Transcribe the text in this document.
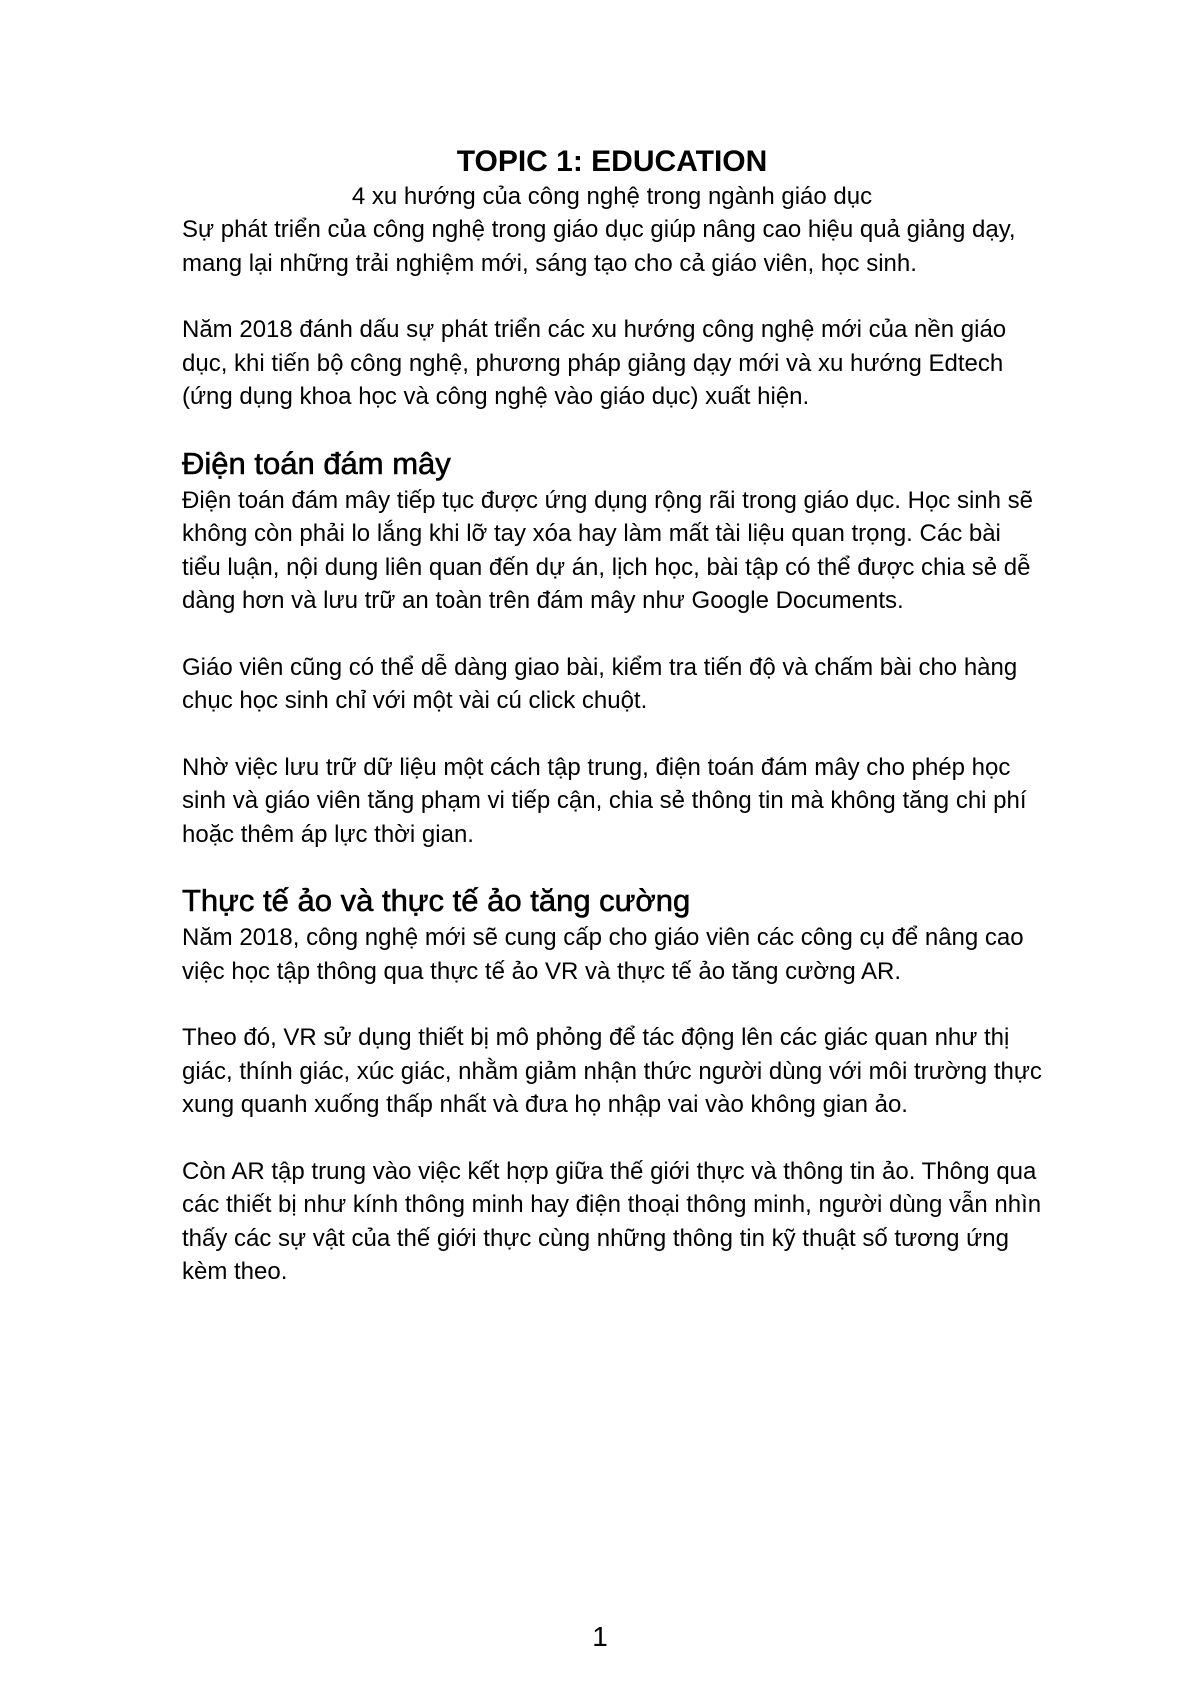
TOPIC 1: EDUCATION
4 xu hướng của công nghệ trong ngành giáo dục

Sự phát triển của công nghệ trong giáo dục giúp nâng cao hiệu quả giảng dạy, mang lại những trải nghiệm mới, sáng tạo cho cả giáo viên, học sinh.

Năm 2018 đánh dấu sự phát triển các xu hướng công nghệ mới của nền giáo dục, khi tiến bộ công nghệ, phương pháp giảng dạy mới và xu hướng Edtech (ứng dụng khoa học và công nghệ vào giáo dục) xuất hiện.

Điện toán đám mây

Điện toán đám mây tiếp tục được ứng dụng rộng rãi trong giáo dục. Học sinh sẽ không còn phải lo lắng khi lỡ tay xóa hay làm mất tài liệu quan trọng. Các bài tiểu luận, nội dung liên quan đến dự án, lịch học, bài tập có thể được chia sẻ dễ dàng hơn và lưu trữ an toàn trên đám mây như Google Documents.

Giáo viên cũng có thể dễ dàng giao bài, kiểm tra tiến độ và chấm bài cho hàng chục học sinh chỉ với một vài cú click chuột.

Nhờ việc lưu trữ dữ liệu một cách tập trung, điện toán đám mây cho phép học sinh và giáo viên tăng phạm vi tiếp cận, chia sẻ thông tin mà không tăng chi phí hoặc thêm áp lực thời gian.

Thực tế ảo và thực tế ảo tăng cường

Năm 2018, công nghệ mới sẽ cung cấp cho giáo viên các công cụ để nâng cao việc học tập thông qua thực tế ảo VR và thực tế ảo tăng cường AR.

Theo đó, VR sử dụng thiết bị mô phỏng để tác động lên các giác quan như thị giác, thính giác, xúc giác, nhằm giảm nhận thức người dùng với môi trường thực xung quanh xuống thấp nhất và đưa họ nhập vai vào không gian ảo.

Còn AR tập trung vào việc kết hợp giữa thế giới thực và thông tin ảo. Thông qua các thiết bị như kính thông minh hay điện thoại thông minh, người dùng vẫn nhìn thấy các sự vật của thế giới thực cùng những thông tin kỹ thuật số tương ứng kèm theo.

1
